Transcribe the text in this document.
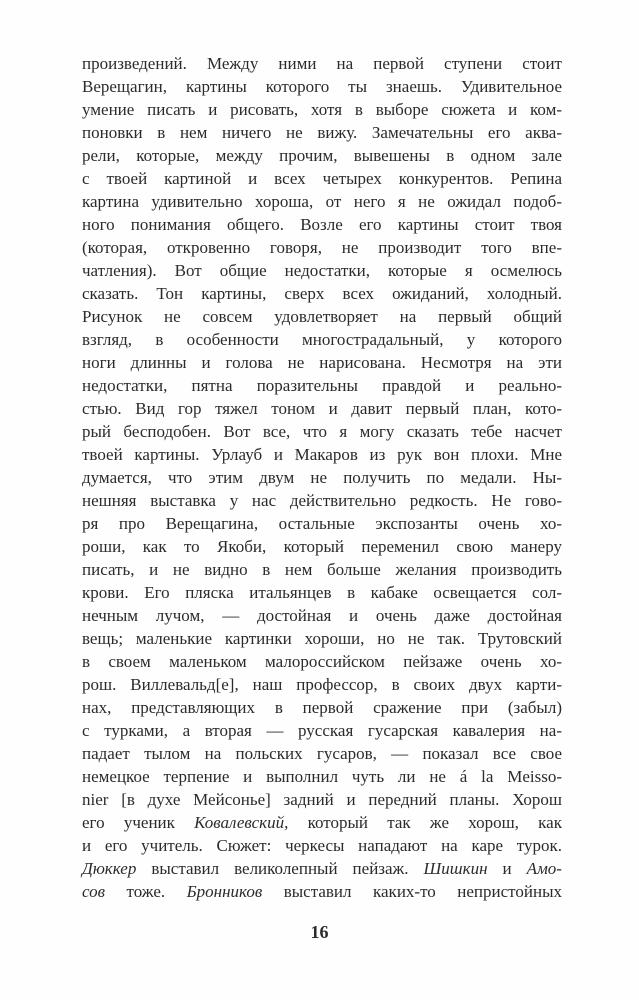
произведений. Между ними на первой ступени стоит
Верещагин, картины которого ты знаешь. Удивительное
умение писать и рисовать, хотя в выборе сюжета и ком-
поновки в нем ничего не вижу. Замечательны его аква-
рели, которые, между прочим, вывешены в одном зале
с твоей картиной и всех четырех конкурентов. Репина
картина удивительно хороша, от него я не ожидал подоб-
ного понимания общего. Возле его картины стоит твоя
(которая, откровенно говоря, не производит того впе-
чатления). Вот общие недостатки, которые я осмелюсь
сказать. Тон картины, сверх всех ожиданий, холодный.
Рисунок не совсем удовлетворяет на первый общий
взгляд, в особенности многострадальный, у которого
ноги длинны и голова не нарисована. Несмотря на эти
недостатки, пятна поразительны правдой и реально-
стью. Вид гор тяжел тоном и давит первый план, кото-
рый бесподобен. Вот все, что я могу сказать тебе насчет
твоей картины. Урлауб и Макаров из рук вон плохи. Мне
думается, что этим двум не получить по медали. Ны-
нешняя выставка у нас действительно редкость. Не гово-
ря про Верещагина, остальные экспозанты очень хо-
роши, как то Якоби, который переменил свою манеру
писать, и не видно в нем больше желания производить
крови. Его пляска итальянцев в кабаке освещается сол-
нечным лучом, — достойная и очень даже достойная
вещь; маленькие картинки хороши, но не так. Трутовский
в своем маленьком малороссийском пейзаже очень хо-
рош. Виллевальд[е], наш профессор, в своих двух карти-
нах, представляющих в первой сражение при (забыл)
с турками, а вторая — русская гусарская кавалерия на-
падает тылом на польских гусаров, — показал все свое
немецкое терпение и выполнил чуть ли не á la Meisso-
nier [в духе Мейсонье] задний и передний планы. Хорош
его ученик Ковалевский, который так же хорош, как
и его учитель. Сюжет: черкесы нападают на каре турок.
Дюккер выставил великолепный пейзаж. Шишкин и Амо-
сов тоже. Бронников выставил каких-то непристойных
16
